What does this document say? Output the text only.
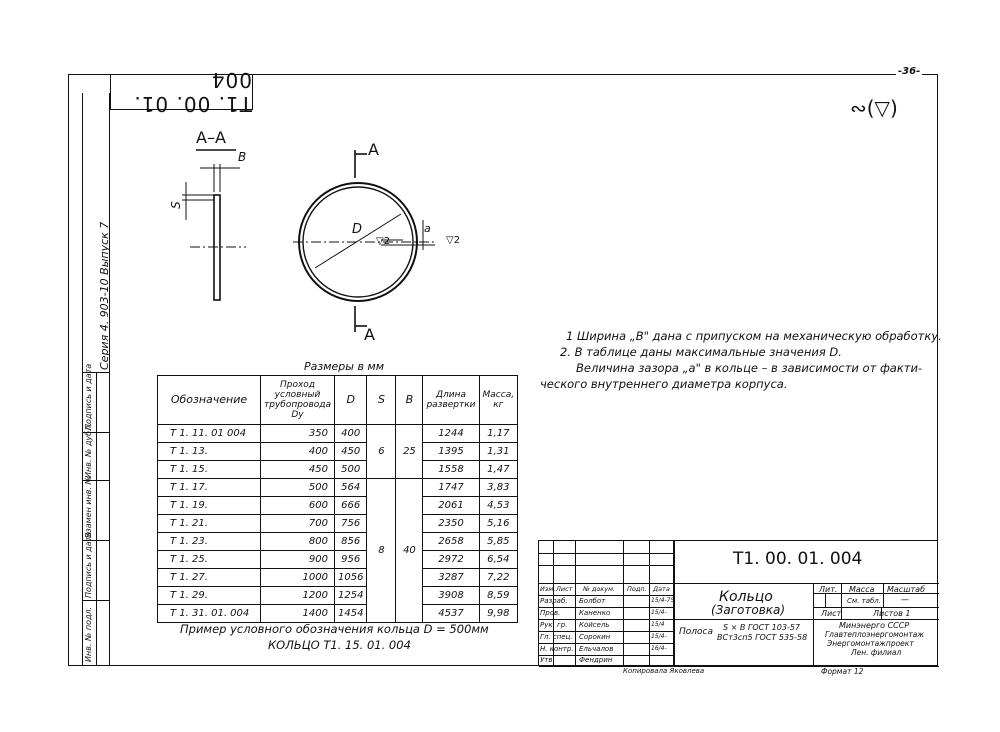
-36-
Серия 4. 903-10 Выпуск 7
Инв. № подл.
Подпись и дата
Взамен инв. №
Инв. № дубл.
Подпись и дата
Т1. 00. 01. 004
∾(▽)
А–А
В
S
А
А
D	a
▽2	▽2
1 Ширина „В" дана с припуском на механическую обработку.
2. В таблице даны максимальные значения D.
Величина зазора „а" в кольце – в зависимости от факти-
ческого внутреннего диаметра корпуса.
Размеры в мм
Обозначение	Проход условный трубопровода Dу	D	S	В	Длина развертки	Масса, кг
Т 1. 11. 01 004	350	400	6	25	1244	1,17
Т 1. 13.	400	450			1395	1,31
Т 1. 15.	450	500			1558	1,47
Т 1. 17.	500	564	8	40	1747	3,83
Т 1. 19.	600	666			2061	4,53
Т 1. 21.	700	756			2350	5,16
Т 1. 23.	800	856			2658	5,85
Т 1. 25.	900	956			2972	6,54
Т 1. 27.	1000	1056			3287	7,22
Т 1. 29.	1200	1254			3908	8,59
Т 1. 31. 01. 004	1400	1454			4537	9,98
Пример условного обозначения кольца D = 500мм
КОЛЬЦО Т1. 15. 01. 004
Т1. 00. 01. 004
Кольцо
(Заготовка)
Полоса S × В ГОСТ 103-57
ВСт3сп5 ГОСТ 535-58
Лит. Масса Масштаб
См. табл. —
Лист	Листов 1
Минэнерго СССР
Главтеплоэнергомонтаж
Энергомонтажпроект
Лен. филиал
Изм. Лист № докум. Подп. Дата
Разраб. Болбот	15/4-75
Пров.	Каненко	15/4-
Рук. гр. Койсель	15/4
Гл. спец. Сорокин	15/4-
Н. контр. Ельчалов	16/4-
Утв.	Фендрин
Копировала Яковлева	Формат 12
